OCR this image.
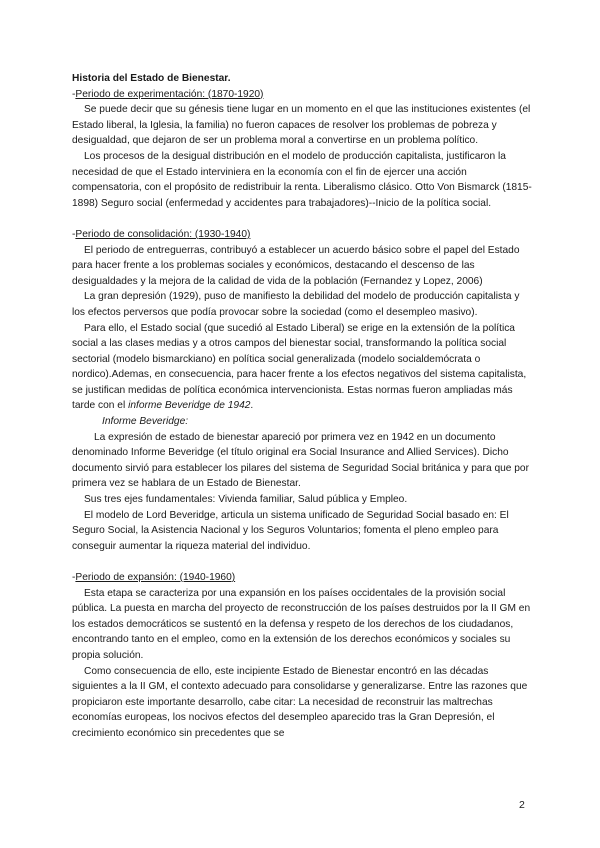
Historia del Estado de Bienestar.

-Periodo de experimentación: (1870-1920)

Se puede decir que su génesis tiene lugar en un momento en el que las instituciones existentes (el Estado liberal, la Iglesia, la familia) no fueron capaces de resolver los problemas de pobreza y desigualdad, que dejaron de ser un problema moral a convertirse en un problema político.

Los procesos de la desigual distribución en el modelo de producción capitalista, justificaron la necesidad de que el Estado interviniera en la economía con el fin de ejercer una acción compensatoria, con el propósito de redistribuir la renta. Liberalismo clásico. Otto Von Bismarck (1815-1898) Seguro social (enfermedad y accidentes para trabajadores)--Inicio de la política social.

-Periodo de consolidación: (1930-1940)

El periodo de entreguerras, contribuyó a establecer un acuerdo básico sobre el papel del Estado para hacer frente a los problemas sociales y económicos, destacando el descenso de las desigualdades y la mejora de la calidad de vida de la población (Fernandez y Lopez, 2006)

La gran depresión (1929), puso de manifiesto la debilidad del modelo de producción capitalista y los efectos perversos que podía provocar sobre la sociedad (como el desempleo masivo).

Para ello, el Estado social (que sucedió al Estado Liberal) se erige en la extensión de la política social a las clases medias y a otros campos del bienestar social, transformando la política social sectorial (modelo bismarckiano) en política social generalizada (modelo socialdemócrata o nordico).Ademas, en consecuencia, para hacer frente a los efectos negativos del sistema capitalista, se justifican medidas de política económica intervencionista. Estas normas fueron ampliadas más tarde con el informe Beveridge de 1942.

Informe Beveridge:

La expresión de estado de bienestar apareció por primera vez en 1942 en un documento denominado Informe Beveridge (el título original era Social Insurance and Allied Services). Dicho documento sirvió para establecer los pilares del sistema de Seguridad Social británica y para que por primera vez se hablara de un Estado de Bienestar.

Sus tres ejes fundamentales: Vivienda familiar, Salud pública y Empleo.

El modelo de Lord Beveridge, articula un sistema unificado de Seguridad Social basado en: El Seguro Social, la Asistencia Nacional y los Seguros Voluntarios; fomenta el pleno empleo para conseguir aumentar la riqueza material del individuo.

-Periodo de expansión: (1940-1960)

Esta etapa se caracteriza por una expansión en los países occidentales de la provisión social pública. La puesta en marcha del proyecto de reconstrucción de los países destruidos por la II GM en los estados democráticos se sustentó en la defensa y respeto de los derechos de los ciudadanos, encontrando tanto en el empleo, como en la extensión de los derechos económicos y sociales su propia solución.

Como consecuencia de ello, este incipiente Estado de Bienestar encontró en las décadas siguientes a la II GM, el contexto adecuado para consolidarse y generalizarse. Entre las razones que propiciaron este importante desarrollo, cabe citar: La necesidad de reconstruir las maltrechas economías europeas, los nocivos efectos del desempleo aparecido tras la Gran Depresión, el crecimiento económico sin precedentes que se

2
